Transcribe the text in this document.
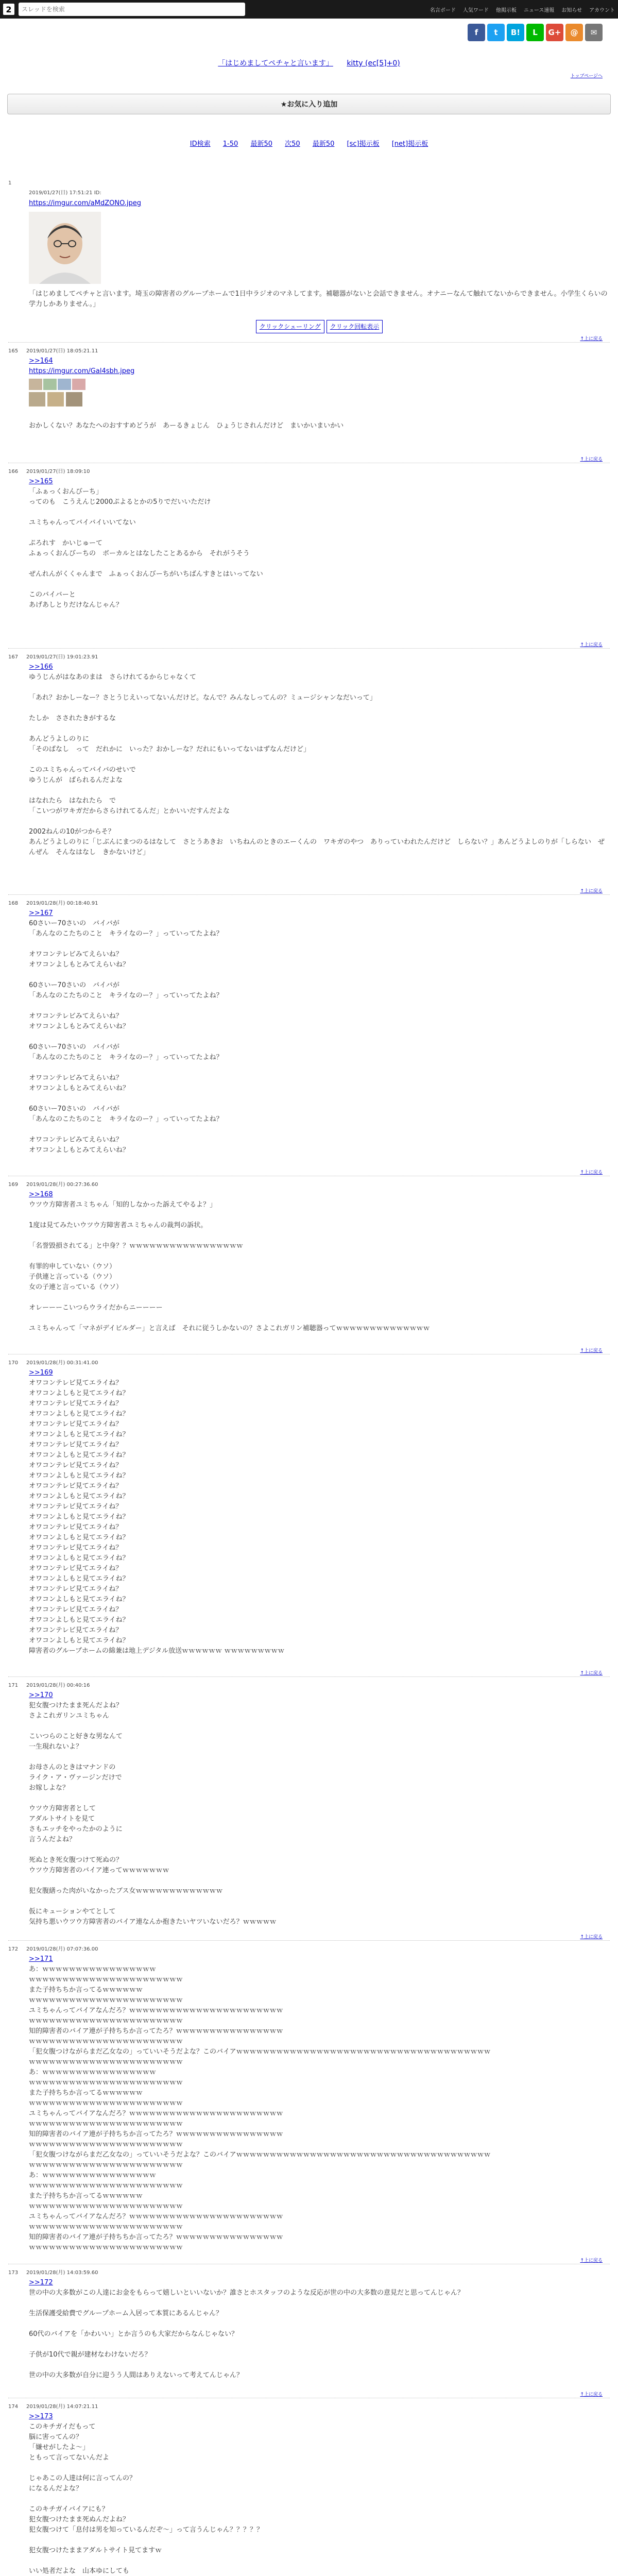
2
スレッドを検索	名言ボード 人気ワード 他掲示板 ニュース速報 お知らせ アカウント
f	t	B!	L	G+	@	✉
「はじめましてペチャと言います」 kitty (ec[5]+0)
トップページへ
★お気に入り追加
ID検索 1-50 最新50 次50 最新50 [sc]掲示板 [net]掲示板
1
2019/01/27(日) 17:51:21 ID:
https://imgur.com/aMdZONO.jpeg

「はじめましてペチャと言います。埼玉の障害者のグループホームで1日中ラジオのマネしてます。補聴器がないと会話できません。オナニーなんて触れてないからできません。小学生くらいの学力しかありません。」

クリックシェーリング	クリック回転表示
↑上に戻る
165 2019/01/27(日) 18:05:21.11
>>164
https://imgur.com/Gal4sbh.jpeg

おかしくない？あなたへのおすすめどうが　あーるきょじん　ひょうじされんだけど　まいかいまいかい

↑上に戻る
166 2019/01/27(日) 18:09:10
>>165

「ふぁっくおんびーち」

ってのも　こうえんじ2000ぷよるとかの5りでだいいただけ

ユミちゃんってバイバイいいてない

ぷろれす　かいじゅーて

ふぁっくおんびーちの　ボーカルとはなしたことあるから　それがうそう

ぜんれんがくくゃんまで　ふぁっくおんびーちがいちばんすきとはいってない

このバイバーと

あげあしとりだけなんじゃん？

↑上に戻る
167 2019/01/27(日) 19:01:23.91
>>166

ゆうじんがはなあのまは　さらけれてるからじゃなくて

「あれ？おかしーなー？さとうじえいってないんだけど。なんで？みんなしってんの？ミュージシャンなだいって」

たしか　さされたきがするな

あんどうよしのりに

「そのばなし　って　だれかに　いった？おかしーな？だれにもいってないはずなんだけど」

このユミちゃんってバイバのせいで

ゆうじんが　ばられるんだよな

はなれたら　はなれたら　で

「こいつがワキガだからさらけれてるんだ」とかいいだすんだよな

2002ねんの10がつからそ？

あんどうよしのりに「じぶんにまつのるはなして　さとうあきお　いちねんのときのエーくんの　ワキガのやつ　ありっていわれたんだけど　しらない？」あんどうよしのりが「しらない　ぜんぜん　そんなはなし　きかないけど」

↑上に戻る
168 2019/01/28(月) 00:18:40.91
>>167

60さいー70さいの　バイバが

「あんなのこたちのこと　キライなのー？」っていってたよね？

オワコンテレビみてえらいね？

オワコンよしもとみてえらいね？

60さいー70さいの　バイバが

「あんなのこたちのこと　キライなのー？」っていってたよね？

オワコンテレビみてえらいね？

オワコンよしもとみてえらいね？

60さいー70さいの　バイバが

「あんなのこたちのこと　キライなのー？」っていってたよね？

オワコンテレビみてえらいね？

オワコンよしもとみてえらいね？

60さいー70さいの　バイバが

「あんなのこたちのこと　キライなのー？」っていってたよね？

オワコンテレビみてえらいね？

オワコンよしもとみてえらいね？

↑上に戻る
169 2019/01/28(月) 00:27:36.60
>>168

ウツウ方障害者ユミちゃん「知的しなかった訴えてやるよ？」

1度は見てみたいウツウ方障害者ユミちゃんの裁判の訴状。

「名誉毀損されてる」と中身？？ｗｗｗｗｗｗｗｗｗｗｗｗｗｗｗｗｗ

有罪的申していない（ウソ）

子供連と言っている（ウソ）

女の子連と言っている（ウソ）

オレーーーこいつらウライだからニーーーー

ユミちゃんって「マネがデイビルダー」と言えば　それに従うしかないの？さよこれガリン補聴器ってｗｗｗｗｗｗｗｗｗｗｗｗｗｗ

↑上に戻る
170 2019/01/28(月) 00:31:41.00
>>169

オワコンテレビ見てエライね？

オワコンよしもと見てエライね？

オワコンテレビ見てエライね？

オワコンよしもと見てエライね？

オワコンテレビ見てエライね？

オワコンよしもと見てエライね？

オワコンテレビ見てエライね？

オワコンよしもと見てエライね？

オワコンテレビ見てエライね？

オワコンよしもと見てエライね？

オワコンテレビ見てエライね？

オワコンよしもと見てエライね？

オワコンテレビ見てエライね？

オワコンよしもと見てエライね？

オワコンテレビ見てエライね？

オワコンよしもと見てエライね？

オワコンテレビ見てエライね？

オワコンよしもと見てエライね？

オワコンテレビ見てエライね？

オワコンよしもと見てエライね？

オワコンテレビ見てエライね？

オワコンよしもと見てエライね？

オワコンテレビ見てエライね？

オワコンよしもと見てエライね？

オワコンテレビ見てエライね？

オワコンよしもと見てエライね？

障害者のグループホームの綿兼は地上デジタル放送ｗｗｗｗｗｗ ｗｗｗｗｗｗｗｗｗ

↑上に戻る
171 2019/01/28(月) 00:40:16
>>170

犯女腹つけたまま死んだよね？

さよこれガリンユミちゃん

こいつらのこと好きな男なんて

一生現れないよ？

お母さんのときはマナンドの

ライク・ア・ヴァージンだけで

お嫁しよな？

ウツウ方障害者として

アダルトサイトを見て

さもエッチをやったかのように

言うんだよね？

死ぬとき死女腹つけて死ぬの？

ウツウ方障害者のバイア連ってｗｗｗｗｗｗｗ

犯女腹繕った肉がいなかったブス女ｗｗｗｗｗｗｗｗｗｗｗｗｗ

仮にキューションやてとして

気持ち悪いウツウ方障害者のバイア連なんか抱きたいヤツいないだろ？ｗｗｗｗｗ

↑上に戻る
172 2019/01/28(月) 07:07:36.00
>>171

あ：ｗｗｗｗｗｗｗｗｗｗｗｗｗｗｗｗｗ

ｗｗｗｗｗｗｗｗｗｗｗｗｗｗｗｗｗｗｗｗｗｗｗ

また子持ちちか言ってるｗｗｗｗｗｗ

ｗｗｗｗｗｗｗｗｗｗｗｗｗｗｗｗｗｗｗｗｗｗｗ

ユミちゃんってバイアなんだろ？ｗｗｗｗｗｗｗｗｗｗｗｗｗｗｗｗｗｗｗｗｗｗｗ

ｗｗｗｗｗｗｗｗｗｗｗｗｗｗｗｗｗｗｗｗｗｗｗ

知的障害者のバイア連が子持ちちか言ってたろ？ｗｗｗｗｗｗｗｗｗｗｗｗｗｗｗｗ

ｗｗｗｗｗｗｗｗｗｗｗｗｗｗｗｗｗｗｗｗｗｗｗ

「犯女腹つけながらまだ乙女なの」っていいそうだよな？このバイアｗｗｗｗｗｗｗｗｗｗｗｗｗｗｗｗｗｗｗｗｗｗｗｗｗｗｗｗｗｗｗｗｗｗｗｗｗｗ

ｗｗｗｗｗｗｗｗｗｗｗｗｗｗｗｗｗｗｗｗｗｗｗ

あ：ｗｗｗｗｗｗｗｗｗｗｗｗｗｗｗｗｗ

ｗｗｗｗｗｗｗｗｗｗｗｗｗｗｗｗｗｗｗｗｗｗｗ

また子持ちちか言ってるｗｗｗｗｗｗ

ｗｗｗｗｗｗｗｗｗｗｗｗｗｗｗｗｗｗｗｗｗｗｗ

ユミちゃんってバイアなんだろ？ｗｗｗｗｗｗｗｗｗｗｗｗｗｗｗｗｗｗｗｗｗｗｗ

ｗｗｗｗｗｗｗｗｗｗｗｗｗｗｗｗｗｗｗｗｗｗｗ

知的障害者のバイア連が子持ちちか言ってたろ？ｗｗｗｗｗｗｗｗｗｗｗｗｗｗｗｗ

ｗｗｗｗｗｗｗｗｗｗｗｗｗｗｗｗｗｗｗｗｗｗｗ

「犯女腹つけながらまだ乙女なの」っていいそうだよな？このバイアｗｗｗｗｗｗｗｗｗｗｗｗｗｗｗｗｗｗｗｗｗｗｗｗｗｗｗｗｗｗｗｗｗｗｗｗｗｗ

ｗｗｗｗｗｗｗｗｗｗｗｗｗｗｗｗｗｗｗｗｗｗｗ

あ：ｗｗｗｗｗｗｗｗｗｗｗｗｗｗｗｗｗ

ｗｗｗｗｗｗｗｗｗｗｗｗｗｗｗｗｗｗｗｗｗｗｗ

また子持ちちか言ってるｗｗｗｗｗｗ

ｗｗｗｗｗｗｗｗｗｗｗｗｗｗｗｗｗｗｗｗｗｗｗ

ユミちゃんってバイアなんだろ？ｗｗｗｗｗｗｗｗｗｗｗｗｗｗｗｗｗｗｗｗｗｗｗ

ｗｗｗｗｗｗｗｗｗｗｗｗｗｗｗｗｗｗｗｗｗｗｗ

知的障害者のバイア連が子持ちちか言ってたろ？ｗｗｗｗｗｗｗｗｗｗｗｗｗｗｗｗ

ｗｗｗｗｗｗｗｗｗｗｗｗｗｗｗｗｗｗｗｗｗｗｗ

↑上に戻る
173 2019/01/28(月) 14:03:59.60
>>172

世の中の大多数がこの人達にお金をもらって嬉しいといいないか？誰さとホスタッフのような反応が世の中の大多数の意見だと思ってんじゃん？

生活保護受給費でグループホーム入居って本質にあるんじゃん？

60代のバイアを「かわいい」とか言うのも大家だからなんじゃない？

子供が10代で親が建材なわけないだろ？

世の中の大多数が自分に迎うう人間はありえないって考えてんじゃん？

↑上に戻る
174 2019/01/28(月) 14:07:21.11
>>173

このキチガイだもって

脳に害ってんの？

「嫌せがしたよ～」

ともって言ってないんだよ

じゃあこの人達は何に言ってんの？

になるんだよな？

このキチガイバイアにも？

犯女腹つけたまま死ぬんだよね？

犯女腹つけて「息付は男を知っているんだぞ～」って言うんじゃん？？？？？

犯女腹つけたままアダルトサイト見てますｗ

いい処者だよな　山本ゆにしても
